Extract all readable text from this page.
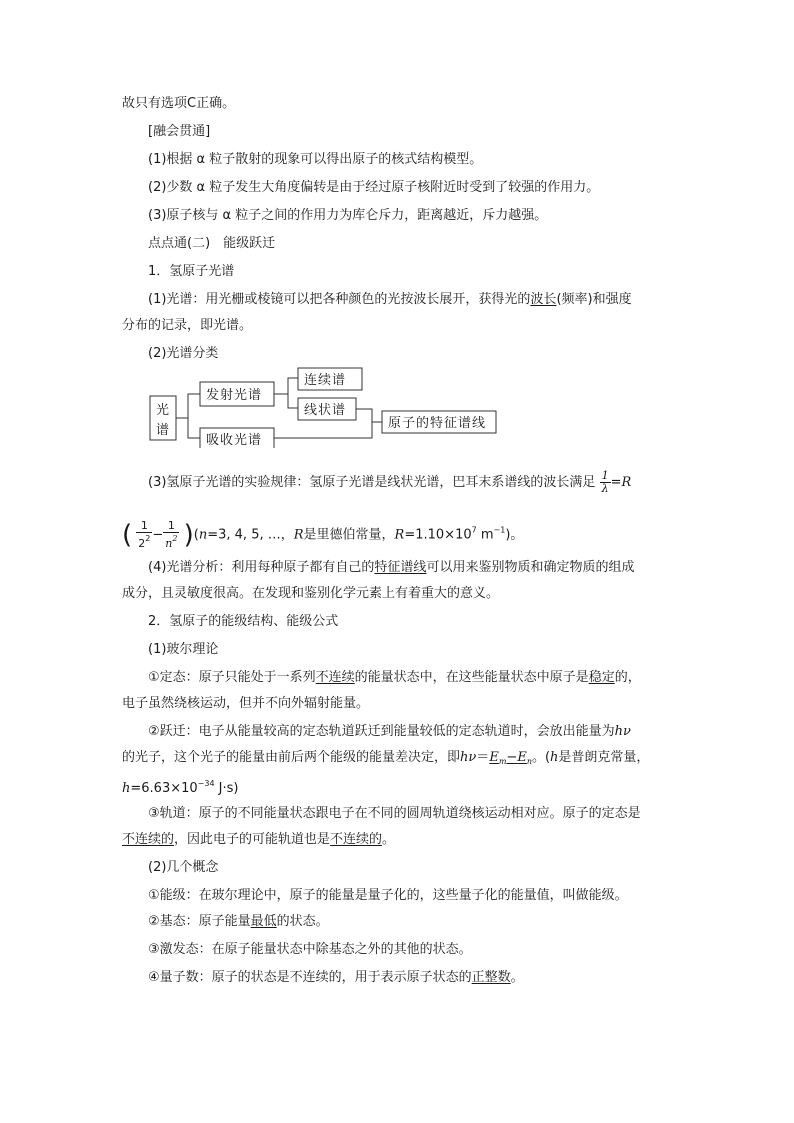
故只有选项C正确。
[融会贯通]
(1)根据 α 粒子散射的现象可以得出原子的核式结构模型。
(2)少数 α 粒子发生大角度偏转是由于经过原子核附近时受到了较强的作用力。
(3)原子核与 α 粒子之间的作用力为库仑斥力，距离越近，斥力越强。
点点通(二)　能级跃迁
1．氢原子光谱
(1)光谱：用光栅或棱镜可以把各种颜色的光按波长展开，获得光的波长(频率)和强度
分布的记录，即光谱。
(2)光谱分类
光
谱
发射光谱
连续谱
线状谱
吸收光谱
原子的特征谱线
(3)氢原子光谱的实验规律：氢原子光谱是线状光谱，巴耳末系谱线的波长满足 $\frac{1}{\lambda} =R$
( $\frac{1}{2^2} - \frac{1}{n^2} )(n=3$, 4, 5, …，R是里德伯常量，$R=1.10\times 10^7$ $m^{-1}$)。
(4)光谱分析：利用每种原子都有自己的特征谱线可以用来鉴别物质和确定物质的组成
成分，且灵敏度很高。在发现和鉴别化学元素上有着重大的意义。
2．氢原子的能级结构、能级公式
(1)玻尔理论
①定态：原子只能处于一系列不连续的能量状态中，在这些能量状态中原子是稳定的，
电子虽然绕核运动，但并不向外辐射能量。
②跃迁：电子从能量较高的定态轨道跃迁到能量较低的定态轨道时，会放出能量为hν
的光子，这个光子的能量由前后两个能级的能量差决定，即$h\nu=E_m-E_n$。(h是普朗克常量，
$h=6.63\times 10^{-34}$ J·s)
③轨道：原子的不同能量状态跟电子在不同的圆周轨道绕核运动相对应。原子的定态是
不连续的，因此电子的可能轨道也是不连续的。
(2)几个概念
①能级：在玻尔理论中，原子的能量是量子化的，这些量子化的能量值，叫做能级。
②基态：原子能量最低的状态。
③激发态：在原子能量状态中除基态之外的其他的状态。
④量子数：原子的状态是不连续的，用于表示原子状态的正整数。
